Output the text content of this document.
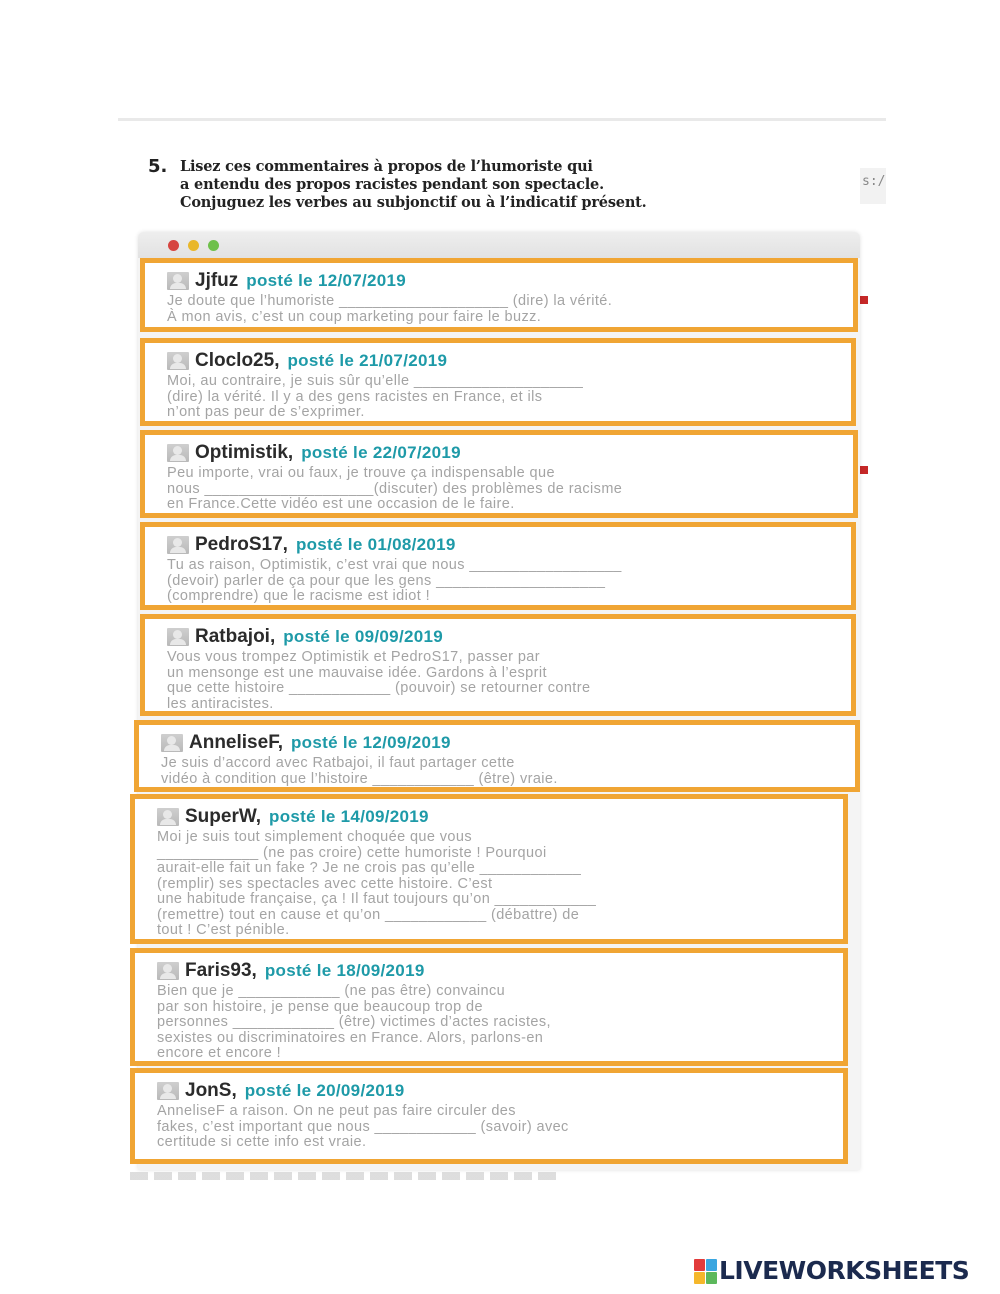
5. Lisez ces commentaires à propos de l’humoriste qui
a entendu des propos racistes pendant son spectacle.
Conjuguez les verbes au subjonctif ou à l’indicatif présent.
s:/
Jjfuz posté le 12/07/2019
Je doute que l’humoriste ____________________ (dire) la vérité.
À mon avis, c’est un coup marketing pour faire le buzz.
Cloclo25, posté le 21/07/2019
Moi, au contraire, je suis sûr qu’elle ____________________
(dire) la vérité. Il y a des gens racistes en France, et ils
n’ont pas peur de s’exprimer.
Optimistik, posté le 22/07/2019
Peu importe, vrai ou faux, je trouve ça indispensable que
nous ____________________(discuter) des problèmes de racisme
en France.Cette vidéo est une occasion de le faire.
PedroS17, posté le 01/08/2019
Tu as raison, Optimistik, c’est vrai que nous __________________
(devoir) parler de ça pour que les gens ____________________
(comprendre) que le racisme est idiot !
Ratbajoi, posté le 09/09/2019
Vous vous trompez Optimistik et PedroS17, passer par
un mensonge est une mauvaise idée. Gardons à l’esprit
que cette histoire ____________ (pouvoir) se retourner contre
les antiracistes.
AnneliseF, posté le 12/09/2019
Je suis d’accord avec Ratbajoi, il faut partager cette
vidéo à condition que l’histoire ____________ (être) vraie.
SuperW, posté le 14/09/2019
Moi je suis tout simplement choquée que vous
____________ (ne pas croire) cette humoriste ! Pourquoi
aurait-elle fait un fake ? Je ne crois pas qu’elle ____________
(remplir) ses spectacles avec cette histoire. C’est
une habitude française, ça ! Il faut toujours qu’on ____________
(remettre) tout en cause et qu’on ____________ (débattre) de
tout ! C’est pénible.
Faris93, posté le 18/09/2019
Bien que je ____________ (ne pas être) convaincu
par son histoire, je pense que beaucoup trop de
personnes ____________ (être) victimes d’actes racistes,
sexistes ou discriminatoires en France. Alors, parlons-en
encore et encore !
JonS, posté le 20/09/2019
AnneliseF a raison. On ne peut pas faire circuler des
fakes, c’est important que nous ____________ (savoir) avec
certitude si cette info est vraie.
LIVEWORKSHEETS
